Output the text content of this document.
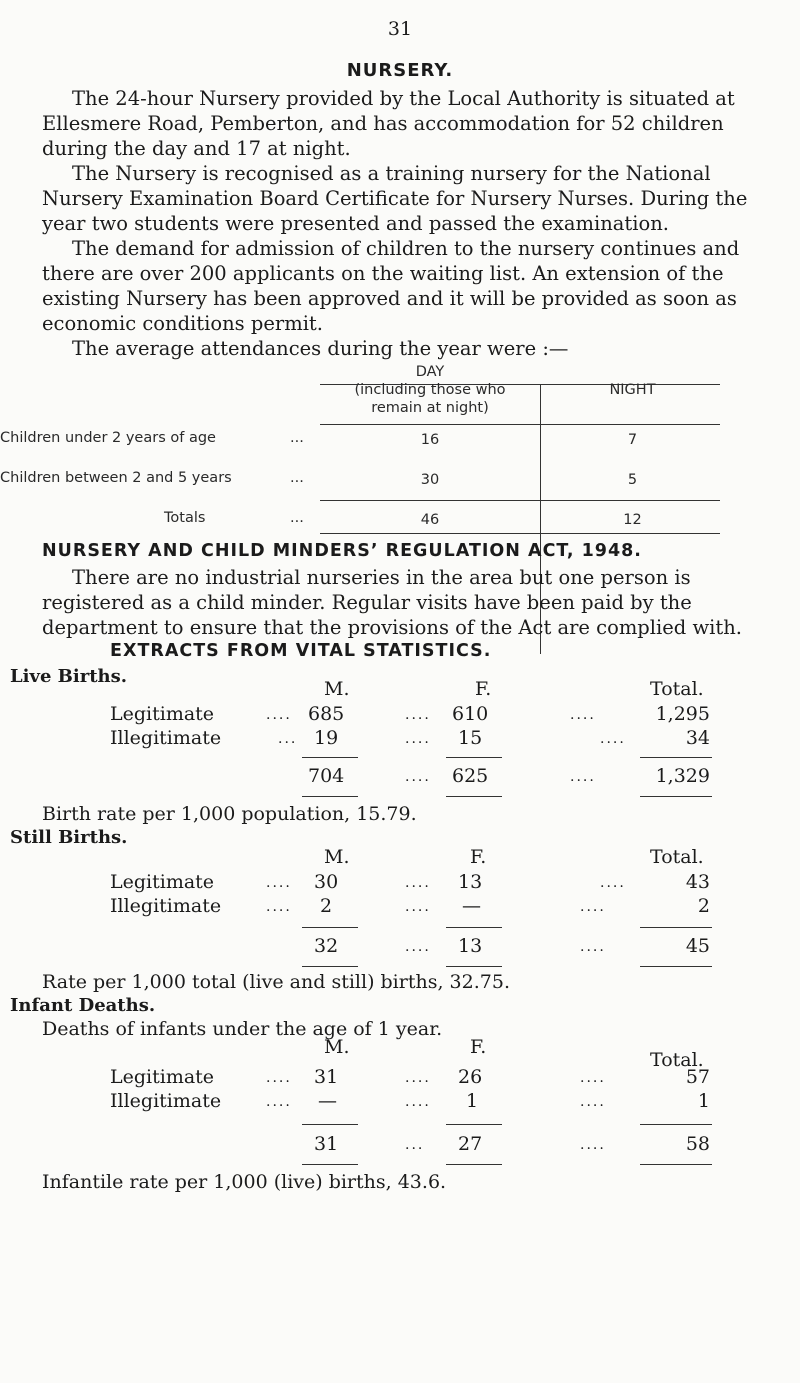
31
NURSERY.

The 24-hour Nursery provided by the Local Authority is situated at Ellesmere Road, Pemberton, and has accommodation for 52 children during the day and 17 at night.

The Nursery is recognised as a training nursery for the National Nursery Examination Board Certificate for Nursery Nurses. During the year two students were presented and passed the examination.

The demand for admission of children to the nursery continues and there are over 200 applicants on the waiting list. An extension of the existing Nursery has been approved and it will be provided as soon as economic conditions permit.

The average attendances during the year were :—

DAY
(including those who
remain at night)
NIGHT
Children under 2 years of age	...	16	7
Children between 2 and 5 years	...	30	5
Totals	...	46	12
NURSERY AND CHILD MINDERS’ REGULATION ACT, 1948.

There are no industrial nurseries in the area but one person is registered as a child minder. Regular visits have been paid by the department to ensure that the provisions of the Act are complied with.

EXTRACTS FROM VITAL STATISTICS.
Live Births.
M.	F.	Total.
Legitimate	.... 685	.... 610	....	1,295
Illegitimate	... 19	.... 15	....	34
704	.... 625	....	1,329
Birth rate per 1,000 population, 15.79.
Still Births.
M.	F.	Total.
Legitimate	.... 30	.... 13	....	43
Illegitimate	.... 2	.... —	....	2
32	.... 13	....	45
Rate per 1,000 total (live and still) births, 32.75.
Infant Deaths.
Deaths of infants under the age of 1 year.
M.	F.
Total.
Legitimate	.... 31	.... 26	....	57
Illegitimate	.... —	.... 1	....	1
31	... 27	....	58
Infantile rate per 1,000 (live) births, 43.6.
